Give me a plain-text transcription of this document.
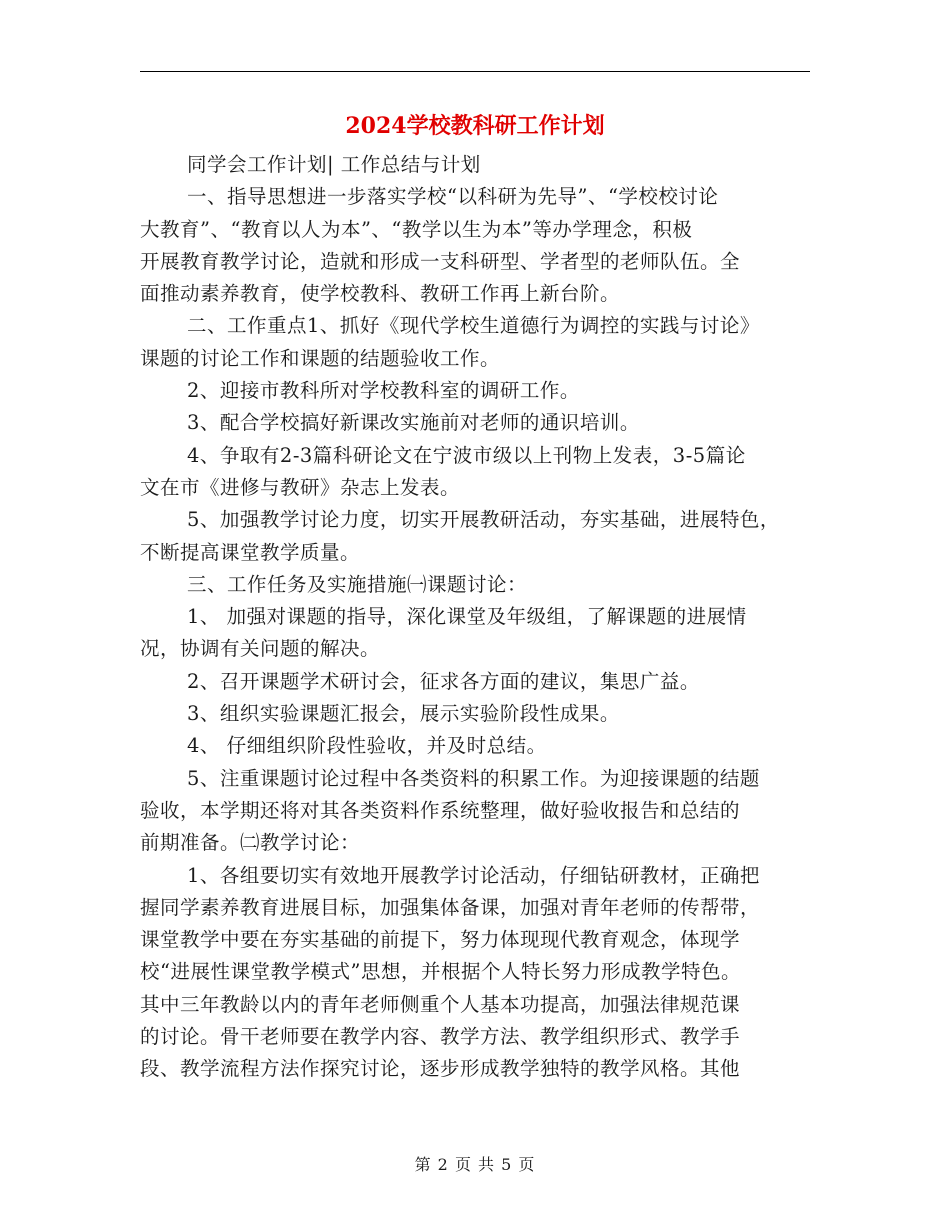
2024学校教科研工作计划
同学会工作计划| 工作总结与计划
一、指导思想进一步落实学校“以科研为先导”、“学校校讨论
大教育”、“教育以人为本”、“教学以生为本”等办学理念，积极
开展教育教学讨论，造就和形成一支科研型、学者型的老师队伍。全
面推动素养教育，使学校教科、教研工作再上新台阶。
二、工作重点1、抓好《现代学校生道德行为调控的实践与讨论》
课题的讨论工作和课题的结题验收工作。
2、迎接市教科所对学校教科室的调研工作。
3、配合学校搞好新课改实施前对老师的通识培训。
4、争取有2-3篇科研论文在宁波市级以上刊物上发表，3-5篇论
文在市《进修与教研》杂志上发表。
5、加强教学讨论力度，切实开展教研活动，夯实基础，进展特色，
不断提高课堂教学质量。
三、工作任务及实施措施㈠课题讨论：
1、 加强对课题的指导，深化课堂及年级组，了解课题的进展情
况，协调有关问题的解决。
2、召开课题学术研讨会，征求各方面的建议，集思广益。
3、组织实验课题汇报会，展示实验阶段性成果。
4、 仔细组织阶段性验收，并及时总结。
5、注重课题讨论过程中各类资料的积累工作。为迎接课题的结题
验收，本学期还将对其各类资料作系统整理，做好验收报告和总结的
前期准备。㈡教学讨论：
1、各组要切实有效地开展教学讨论活动，仔细钻研教材，正确把
握同学素养教育进展目标，加强集体备课，加强对青年老师的传帮带，
课堂教学中要在夯实基础的前提下，努力体现现代教育观念，体现学
校“进展性课堂教学模式”思想，并根据个人特长努力形成教学特色。
其中三年教龄以内的青年老师侧重个人基本功提高，加强法律规范课
的讨论。骨干老师要在教学内容、教学方法、教学组织形式、教学手
段、教学流程方法作探究讨论，逐步形成教学独特的教学风格。其他
第 2 页 共 5 页
